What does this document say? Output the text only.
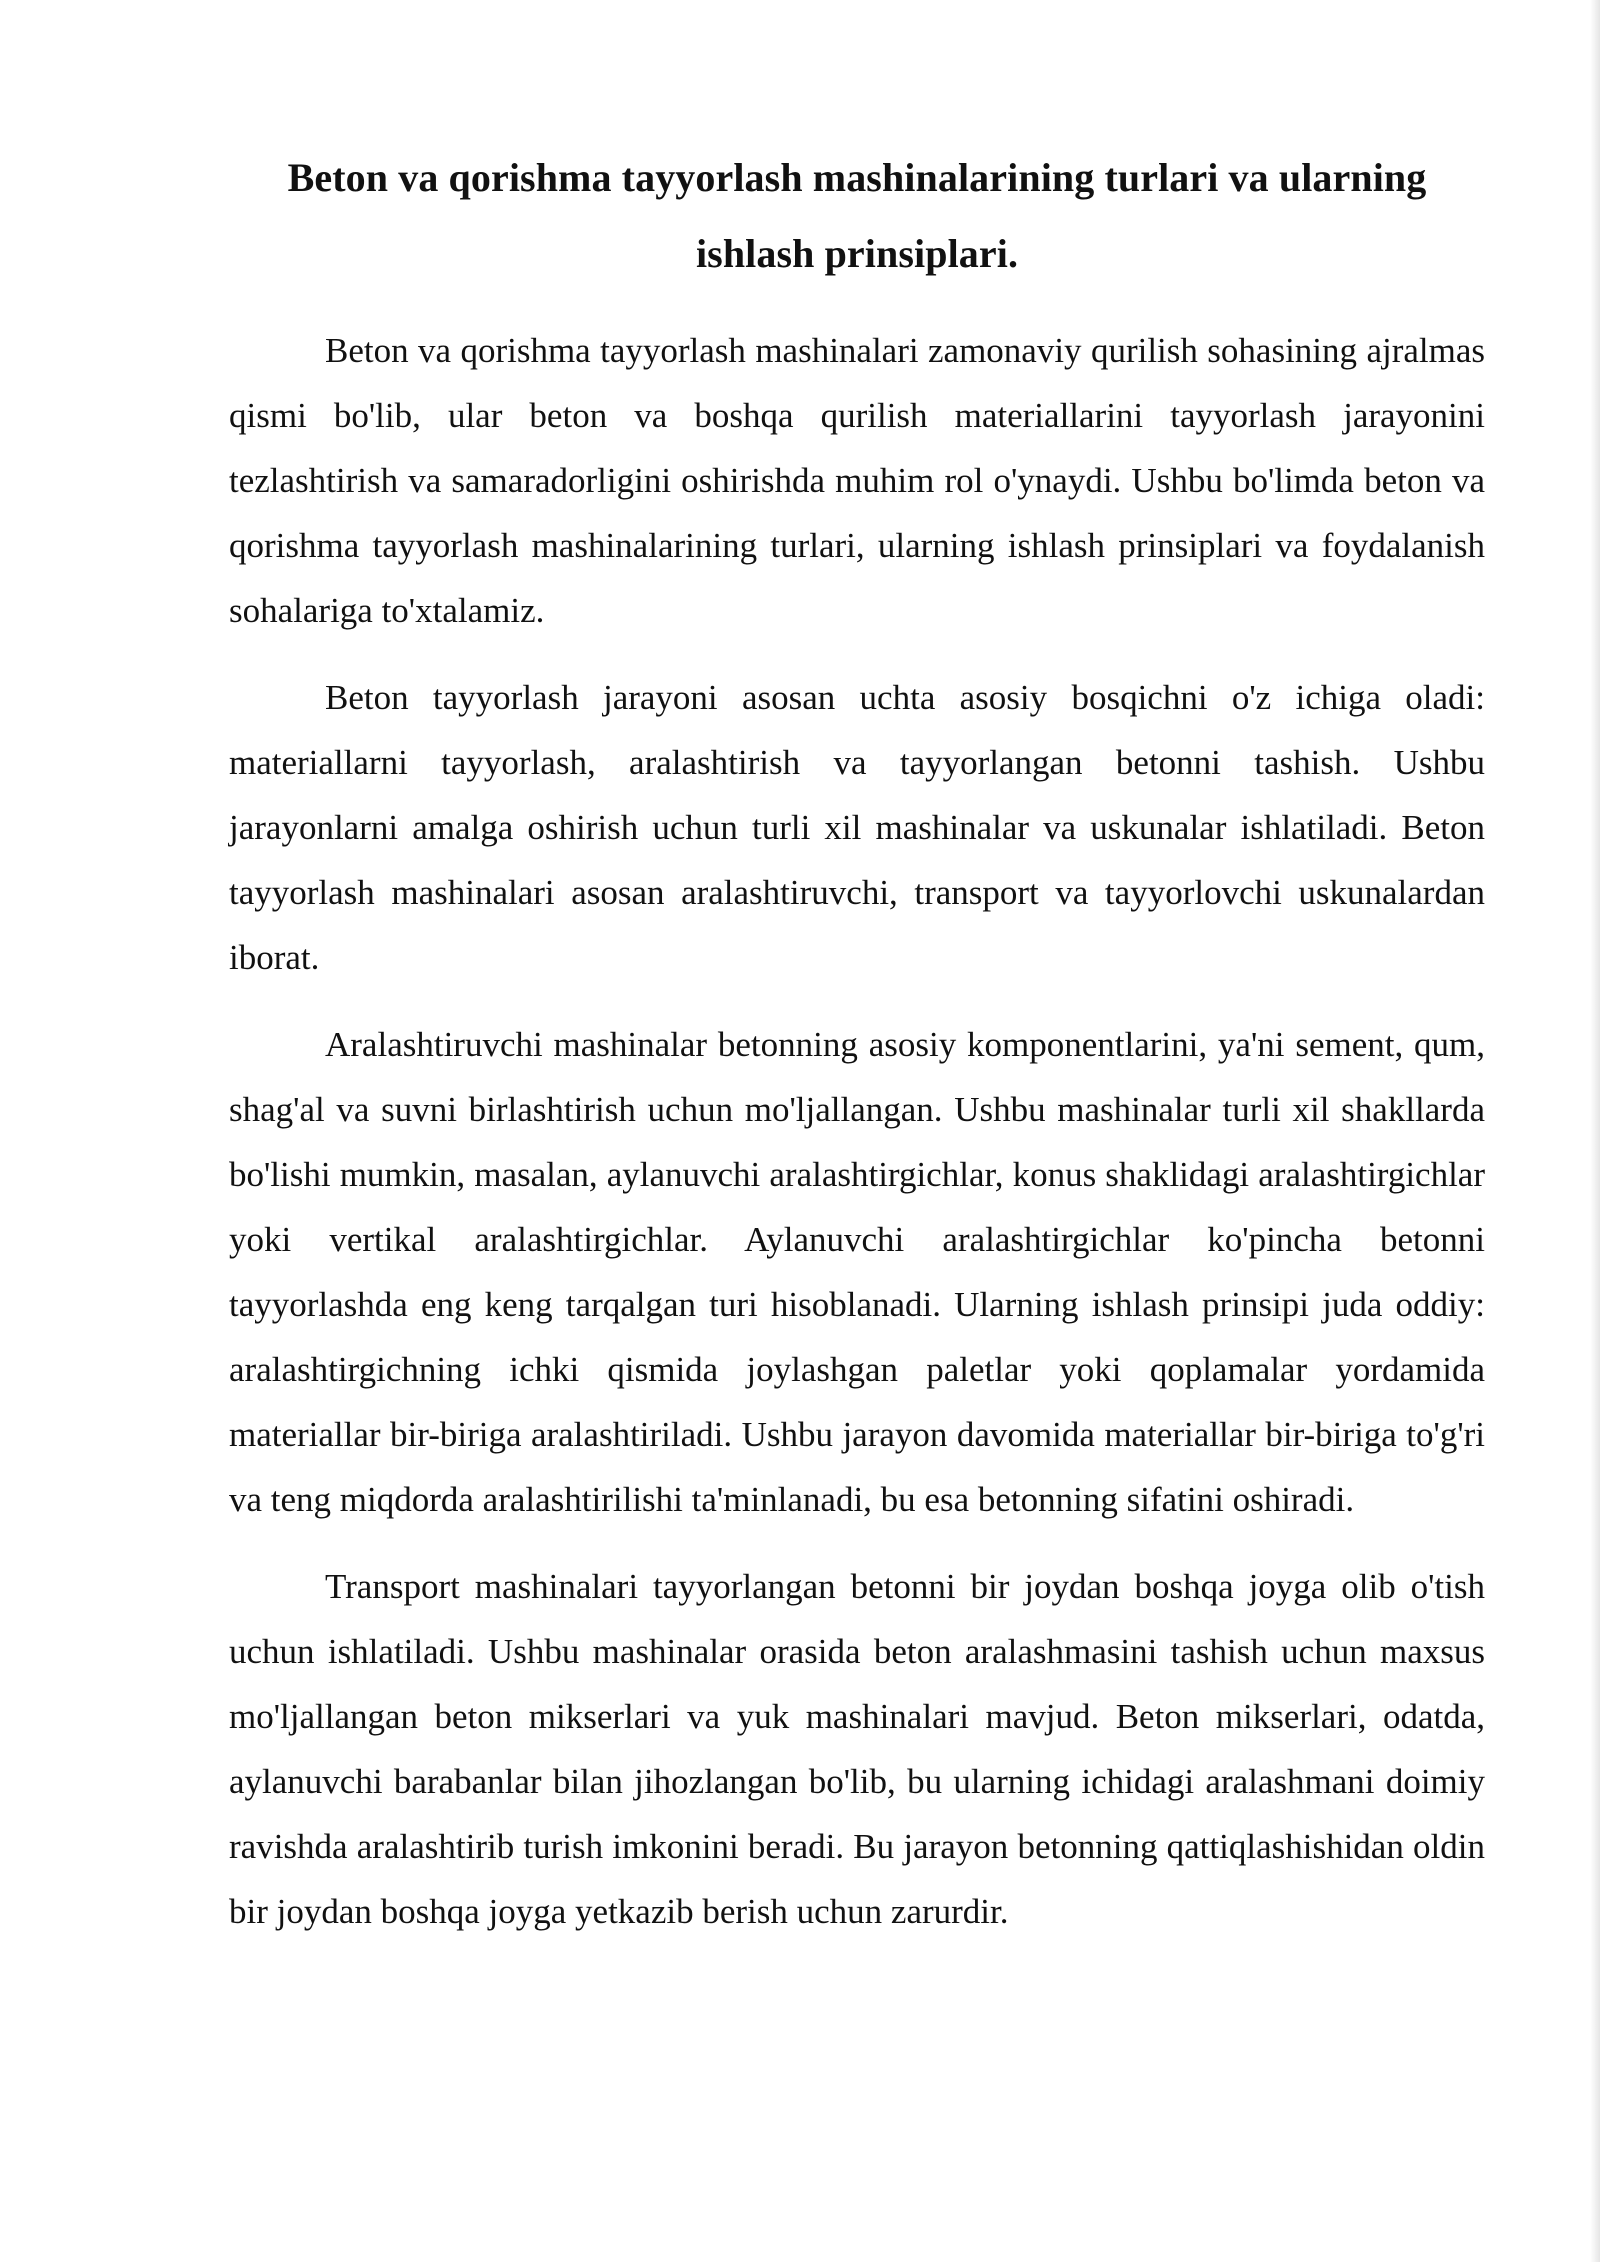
Beton va qorishma tayyorlash mashinalarining turlari va ularning ishlash prinsiplari.

Beton va qorishma tayyorlash mashinalari zamonaviy qurilish sohasining ajralmas qismi bo'lib, ular beton va boshqa qurilish materiallarini tayyorlash jarayonini tezlashtirish va samaradorligini oshirishda muhim rol o'ynaydi. Ushbu bo'limda beton va qorishma tayyorlash mashinalarining turlari, ularning ishlash prinsiplari va foydalanish sohalariga to'xtalamiz.

Beton tayyorlash jarayoni asosan uchta asosiy bosqichni o'z ichiga oladi: materiallarni tayyorlash, aralashtirish va tayyorlangan betonni tashish. Ushbu jarayonlarni amalga oshirish uchun turli xil mashinalar va uskunalar ishlatiladi. Beton tayyorlash mashinalari asosan aralashtiruvchi, transport va tayyorlovchi uskunalardan iborat.

Aralashtiruvchi mashinalar betonning asosiy komponentlarini, ya'ni sement, qum, shag'al va suvni birlashtirish uchun mo'ljallangan. Ushbu mashinalar turli xil shakllarda bo'lishi mumkin, masalan, aylanuvchi aralashtirgichlar, konus shaklidagi aralashtirgichlar yoki vertikal aralashtirgichlar. Aylanuvchi aralashtirgichlar ko'pincha betonni tayyorlashda eng keng tarqalgan turi hisoblanadi. Ularning ishlash prinsipi juda oddiy: aralashtirgichning ichki qismida joylashgan paletlar yoki qoplamalar yordamida materiallar bir-biriga aralashtiriladi. Ushbu jarayon davomida materiallar bir-biriga to'g'ri va teng miqdorda aralashtirilishi ta'minlanadi, bu esa betonning sifatini oshiradi.

Transport mashinalari tayyorlangan betonni bir joydan boshqa joyga olib o'tish uchun ishlatiladi. Ushbu mashinalar orasida beton aralashmasini tashish uchun maxsus mo'ljallangan beton mikserlari va yuk mashinalari mavjud. Beton mikserlari, odatda, aylanuvchi barabanlar bilan jihozlangan bo'lib, bu ularning ichidagi aralashmani doimiy ravishda aralashtirib turish imkonini beradi. Bu jarayon betonning qattiqlashishidan oldin bir joydan boshqa joyga yetkazib berish uchun zarurdir.
